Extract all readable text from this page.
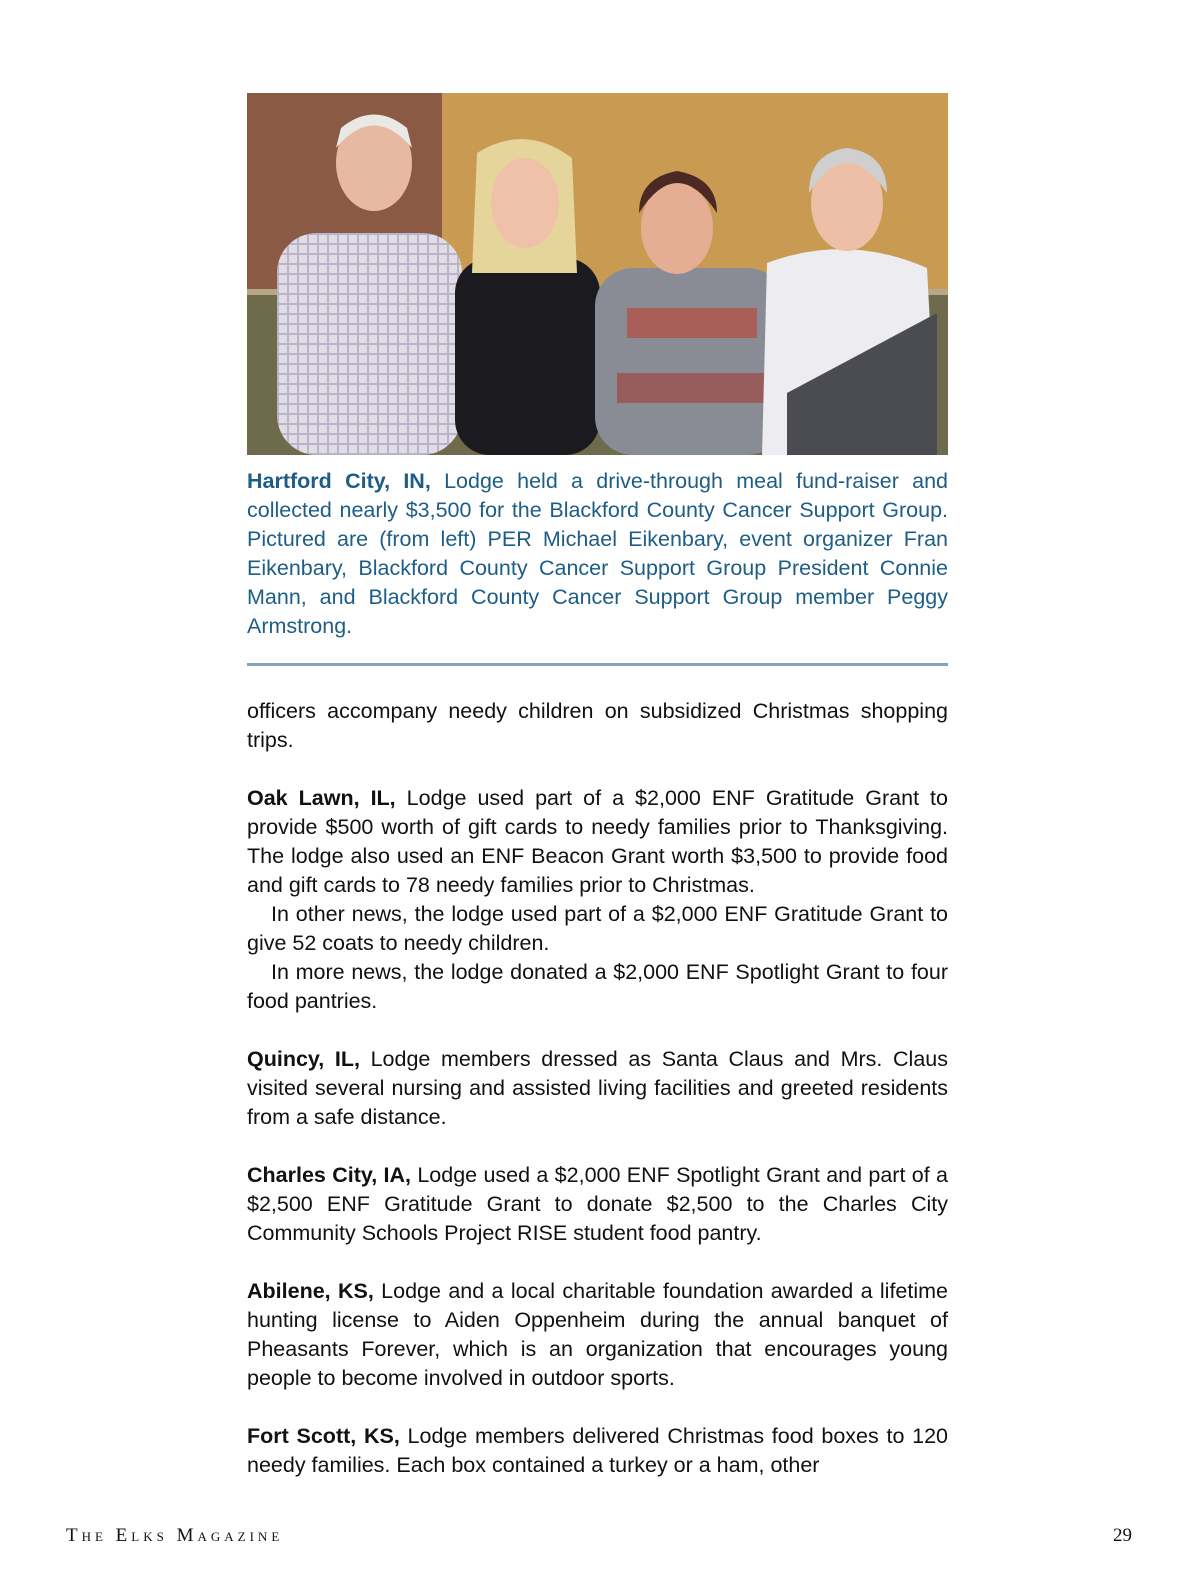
Hartford City, IN, Lodge held a drive-through meal fund-raiser and collected nearly $3,500 for the Blackford County Cancer Support Group. Pictured are (from left) PER Michael Eikenbary, event organizer Fran Eikenbary, Blackford County Cancer Support Group President Connie Mann, and Blackford County Cancer Support Group member Peggy Armstrong.

officers accompany needy children on subsidized Christmas shopping trips.

Oak Lawn, IL, Lodge used part of a $2,000 ENF Gratitude Grant to provide $500 worth of gift cards to needy families prior to Thanksgiving. The lodge also used an ENF Beacon Grant worth $3,500 to provide food and gift cards to 78 needy families prior to Christmas.

In other news, the lodge used part of a $2,000 ENF Gratitude Grant to give 52 coats to needy children.

In more news, the lodge donated a $2,000 ENF Spotlight Grant to four food pantries.

Quincy, IL, Lodge members dressed as Santa Claus and Mrs. Claus visited several nursing and assisted living facilities and greeted residents from a safe distance.

Charles City, IA, Lodge used a $2,000 ENF Spotlight Grant and part of a $2,500 ENF Gratitude Grant to donate $2,500 to the Charles City Community Schools Project RISE student food pantry.

Abilene, KS, Lodge and a local charitable foundation awarded a lifetime hunting license to Aiden Oppenheim during the annual banquet of Pheasants Forever, which is an organization that encourages young people to become involved in outdoor sports.

Fort Scott, KS, Lodge members delivered Christmas food boxes to 120 needy families. Each box contained a turkey or a ham, other

The Elks Magazine	29
